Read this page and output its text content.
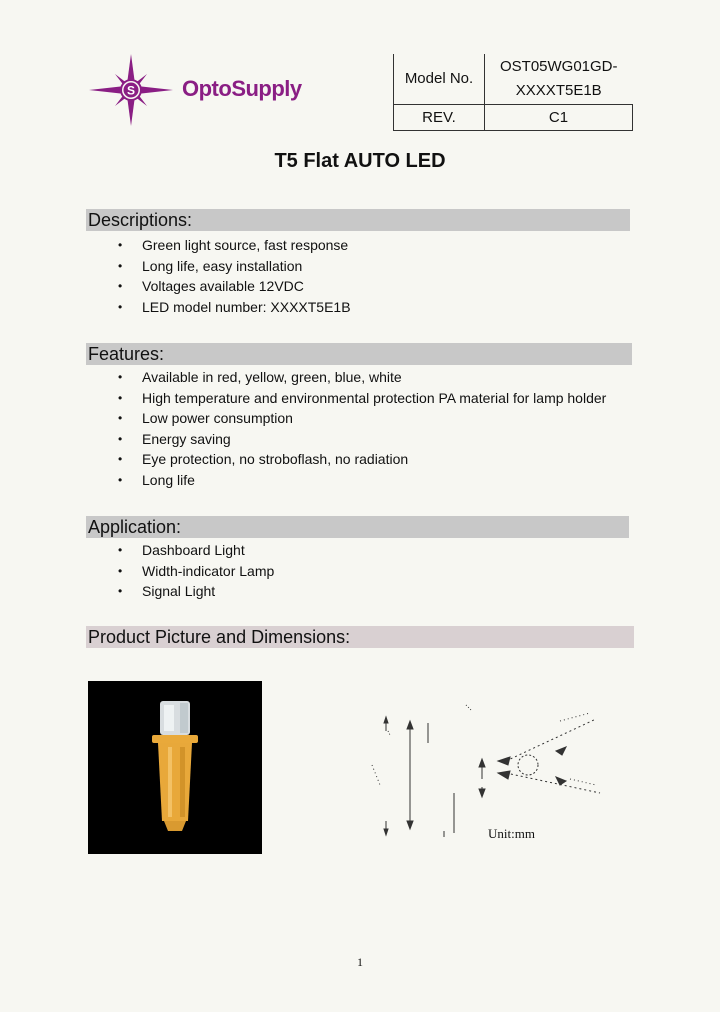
S OptoSupply	Model No.	OST05WG01GD-
XXXXT5E1B

REV.	C1
T5 Flat AUTO LED
Descriptions:
• Green light source, fast response
• Long life, easy installation
• Voltages available 12VDC
• LED model number: XXXXT5E1B
Features:
• Available in red, yellow, green, blue, white
• High temperature and environmental protection PA material for lamp holder
• Low power consumption
• Energy saving
• Eye protection, no stroboflash, no radiation
• Long life
Application:
• Dashboard Light
• Width-indicator Lamp
• Signal Light
Product Picture and Dimensions:
Unit:mm
1
